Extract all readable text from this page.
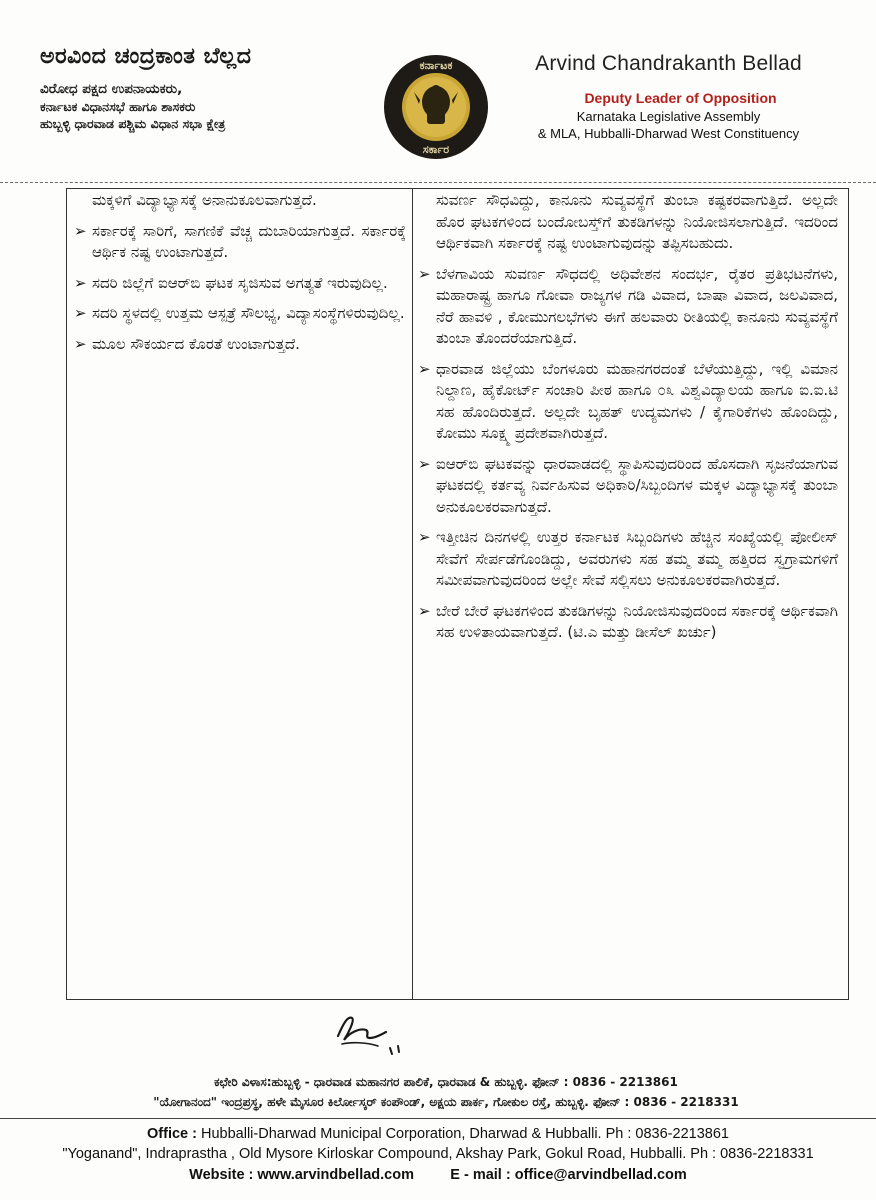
ಅರವಿಂದ ಚಂದ್ರಕಾಂತ ಬೆಲ್ಲದ
ವಿರೋಧ ಪಕ್ಷದ ಉಪನಾಯಕರು,
ಕರ್ನಾಟಕ ವಿಧಾನಸಭೆ ಹಾಗೂ ಶಾಸಕರು
ಹುಬ್ಬಳ್ಳಿ ಧಾರವಾಡ ಪಶ್ಚಿಮ ವಿಧಾನ ಸಭಾ ಕ್ಷೇತ್ರ
ಕರ್ನಾಟಕ
ಸರ್ಕಾರ
Arvind Chandrakanth Bellad
Deputy Leader of Opposition
Karnataka Legislative Assembly
& MLA, Hubballi-Dharwad West Constituency
ಮಕ್ಕಳಿಗೆ ವಿದ್ಯಾಭ್ಯಾಸಕ್ಕೆ ಅನಾನುಕೂಲವಾಗುತ್ತದೆ.
➢ ಸರ್ಕಾರಕ್ಕೆ ಸಾರಿಗೆ, ಸಾಗಣಿಕೆ ವೆಚ್ಚ ದುಬಾರಿಯಾಗುತ್ತದೆ. ಸರ್ಕಾರಕ್ಕೆ ಆರ್ಥಿಕ ನಷ್ಟ ಉಂಟಾಗುತ್ತದೆ.
➢ ಸದರಿ ಜಿಲ್ಲೆಗೆ ಐಆರ್‌ಬಿ ಘಟಕ ಸೃಜಿಸುವ ಅಗತ್ಯತೆ ಇರುವುದಿಲ್ಲ.
➢ ಸದರಿ ಸ್ಥಳದಲ್ಲಿ ಉತ್ತಮ ಆಸ್ಪತ್ರೆ ಸೌಲಭ್ಯ, ವಿದ್ಯಾಸಂಸ್ಥೆಗಳಿರುವುದಿಲ್ಲ.
➢ ಮೂಲ ಸೌಕರ್ಯದ ಕೊರತೆ ಉಂಟಾಗುತ್ತದೆ.
ಸುವರ್ಣ ಸೌಧವಿದ್ದು, ಕಾನೂನು ಸುವ್ಯವಸ್ಥೆಗೆ ತುಂಬಾ ಕಷ್ಟಕರವಾಗುತ್ತಿದೆ. ಅಲ್ಲದೇ ಹೊರ ಘಟಕಗಳಿಂದ ಬಂದೋಬಸ್ತ್‌ಗೆ ತುಕಡಿಗಳನ್ನು ನಿಯೋಜಿಸಲಾಗುತ್ತಿದೆ. ಇದರಿಂದ ಆರ್ಥಿಕವಾಗಿ ಸರ್ಕಾರಕ್ಕೆ ನಷ್ಟ ಉಂಟಾಗುವುದನ್ನು ತಪ್ಪಿಸಬಹುದು.
➢ ಬೆಳಗಾವಿಯ ಸುವರ್ಣ ಸೌಧದಲ್ಲಿ ಅಧಿವೇಶನ ಸಂದರ್ಭ, ರೈತರ ಪ್ರತಿಭಟನೆಗಳು, ಮಹಾರಾಷ್ಟ್ರ ಹಾಗೂ ಗೋವಾ ರಾಜ್ಯಗಳ ಗಡಿ ವಿವಾದ, ಬಾಷಾ ವಿವಾದ, ಜಲವಿವಾದ, ನೆರೆ ಹಾವಳಿ , ಕೋಮುಗಲಭೆಗಳು ಈಗೆ ಹಲವಾರು ರೀತಿಯಲ್ಲಿ ಕಾನೂನು ಸುವ್ಯವಸ್ಥೆಗೆ ತುಂಬಾ ತೊಂದರೆಯಾಗುತ್ತಿದೆ.
➢ ಧಾರವಾಡ ಜಿಲ್ಲೆಯು ಬೆಂಗಳೂರು ಮಹಾನಗರದಂತೆ ಬೆಳೆಯುತ್ತಿದ್ದು, ಇಲ್ಲಿ ವಿಮಾನ ನಿಲ್ದಾಣ, ಹೈಕೋರ್ಟ್ ಸಂಚಾರಿ ಪೀಠ ಹಾಗೂ ೦೩ ವಿಶ್ವವಿದ್ಯಾಲಯ ಹಾಗೂ ಐ.ಐ.ಟಿ ಸಹ ಹೊಂದಿರುತ್ತದೆ. ಅಲ್ಲದೇ ಬೃಹತ್ ಉದ್ಯಮಗಳು / ಕೈಗಾರಿಕೆಗಳು ಹೊಂದಿದ್ದು, ಕೋಮು ಸೂಕ್ಷ್ಮ ಪ್ರದೇಶವಾಗಿರುತ್ತದೆ.
➢ ಐಆರ್‌ಬಿ ಘಟಕವನ್ನು ಧಾರವಾಡದಲ್ಲಿ ಸ್ಥಾಪಿಸುವುದರಿಂದ ಹೊಸದಾಗಿ ಸೃಜನೆಯಾಗುವ ಘಟಕದಲ್ಲಿ ಕರ್ತವ್ಯ ನಿರ್ವಹಿಸುವ ಅಧಿಕಾರಿ/ಸಿಬ್ಬಂದಿಗಳ ಮಕ್ಕಳ ವಿದ್ಯಾಭ್ಯಾಸಕ್ಕೆ ತುಂಬಾ ಅನುಕೂಲಕರವಾಗುತ್ತದೆ.
➢ ಇತ್ತೀಚಿನ ದಿನಗಳಲ್ಲಿ ಉತ್ತರ ಕರ್ನಾಟಕ ಸಿಬ್ಬಂದಿಗಳು ಹೆಚ್ಚಿನ ಸಂಖ್ಯೆಯಲ್ಲಿ ಪೋಲೀಸ್ ಸೇವೆಗೆ ಸೇರ್ಪಡೆಗೊಂಡಿದ್ದು, ಅವರುಗಳು ಸಹ ತಮ್ಮ ತಮ್ಮ ಹತ್ತಿರದ ಸ್ವಗ್ರಾಮಗಳಿಗೆ ಸಮೀಪವಾಗುವುದರಿಂದ ಅಲ್ಲೇ ಸೇವೆ ಸಲ್ಲಿಸಲು ಅನುಕೂಲಕರವಾಗಿರುತ್ತದೆ.
➢ ಬೇರೆ ಬೇರೆ ಘಟಕಗಳಿಂದ ತುಕಡಿಗಳನ್ನು ನಿಯೋಜಿಸುವುದರಿಂದ ಸರ್ಕಾರಕ್ಕೆ ಆರ್ಥಿಕವಾಗಿ ಸಹ ಉಳಿತಾಯವಾಗುತ್ತದೆ. (ಟಿ.ಎ ಮತ್ತು ಡೀಸೆಲ್ ಖರ್ಚು)
ಕಛೇರಿ ವಿಳಾಸ:ಹುಬ್ಬಳ್ಳಿ - ಧಾರವಾಡ ಮಹಾನಗರ ಪಾಲಿಕೆ, ಧಾರವಾಡ & ಹುಬ್ಬಳ್ಳಿ. ಫೋನ್ : 0836 - 2213861
"ಯೋಗಾನಂದ" ಇಂದ್ರಪ್ರಸ್ಥ, ಹಳೇ ಮೈಸೂರ ಕಿರ್ಲೋಸ್ಕರ್ ಕಂಪೌಂಡ್, ಅಕ್ಷಯ ಪಾರ್ಕ, ಗೋಕುಲ ರಸ್ತೆ, ಹುಬ್ಬಳ್ಳಿ. ಫೋನ್ : 0836 - 2218331
Office : Hubballi-Dharwad Municipal Corporation, Dharwad & Hubballi. Ph : 0836-2213861
"Yoganand", Indraprastha , Old Mysore Kirloskar Compound, Akshay Park, Gokul Road, Hubballi. Ph : 0836-2218331
Website : www.arvindbellad.com	E - mail : office@arvindbellad.com
